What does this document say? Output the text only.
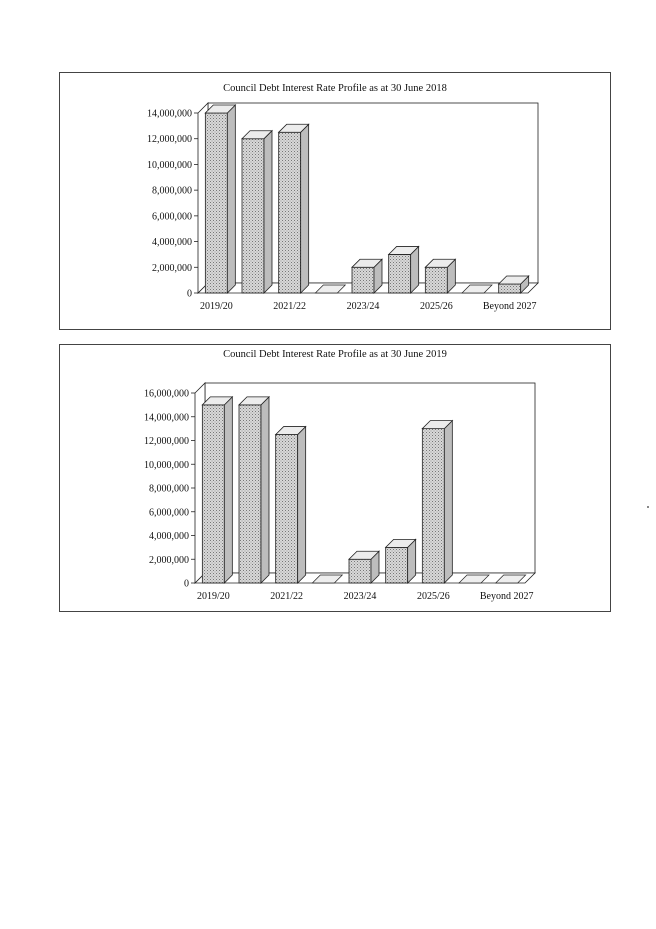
Council Debt Interest Rate Profile as at 30 June 2018
0
2,000,000
4,000,000
6,000,000
8,000,000
10,000,000
12,000,000
14,000,000
2019/20	2021/22	2023/24	2025/26	Beyond 2027
Council Debt Interest Rate Profile as at 30 June 2019
0
2,000,000
4,000,000
6,000,000
8,000,000
10,000,000
12,000,000
14,000,000
16,000,000
2019/20	2021/22	2023/24	2025/26	Beyond 2027
